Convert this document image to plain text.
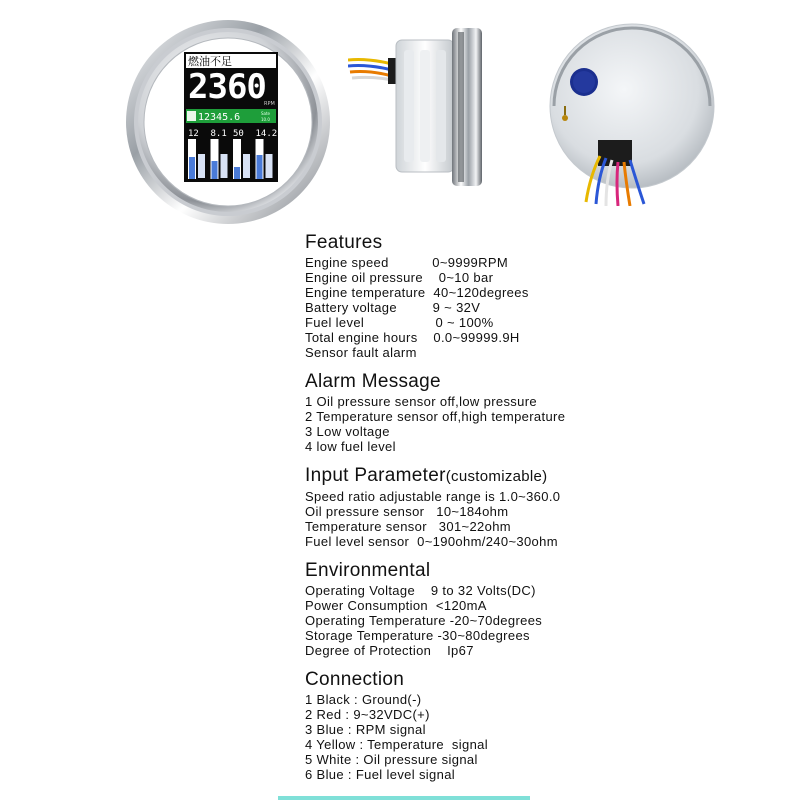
燃油不足
2360
RPM
12345.6	Sate
10.0
12 8.1 50 14.2
Features
Engine speed           0~9999RPM
Engine oil pressure    0~10 bar
Engine temperature  40~120degrees
Battery voltage         9 ~ 32V
Fuel level                  0 ~ 100%
Total engine hours    0.0~99999.9H
Sensor fault alarm
Alarm Message
1 Oil pressure sensor off,low pressure
2 Temperature sensor off,high temperature
3 Low voltage
4 low fuel level
Input Parameter(customizable)
Speed ratio adjustable range is 1.0~360.0
Oil pressure sensor   10~184ohm
Temperature sensor   301~22ohm
Fuel level sensor  0~190ohm/240~30ohm
Environmental
Operating Voltage    9 to 32 Volts(DC)
Power Consumption  <120mA
Operating Temperature -20~70degrees
Storage Temperature -30~80degrees
Degree of Protection    Ip67
Connection
1 Black : Ground(-)
2 Red : 9~32VDC(+)
3 Blue : RPM signal
4 Yellow : Temperature  signal
5 White : Oil pressure signal
6 Blue : Fuel level signal
